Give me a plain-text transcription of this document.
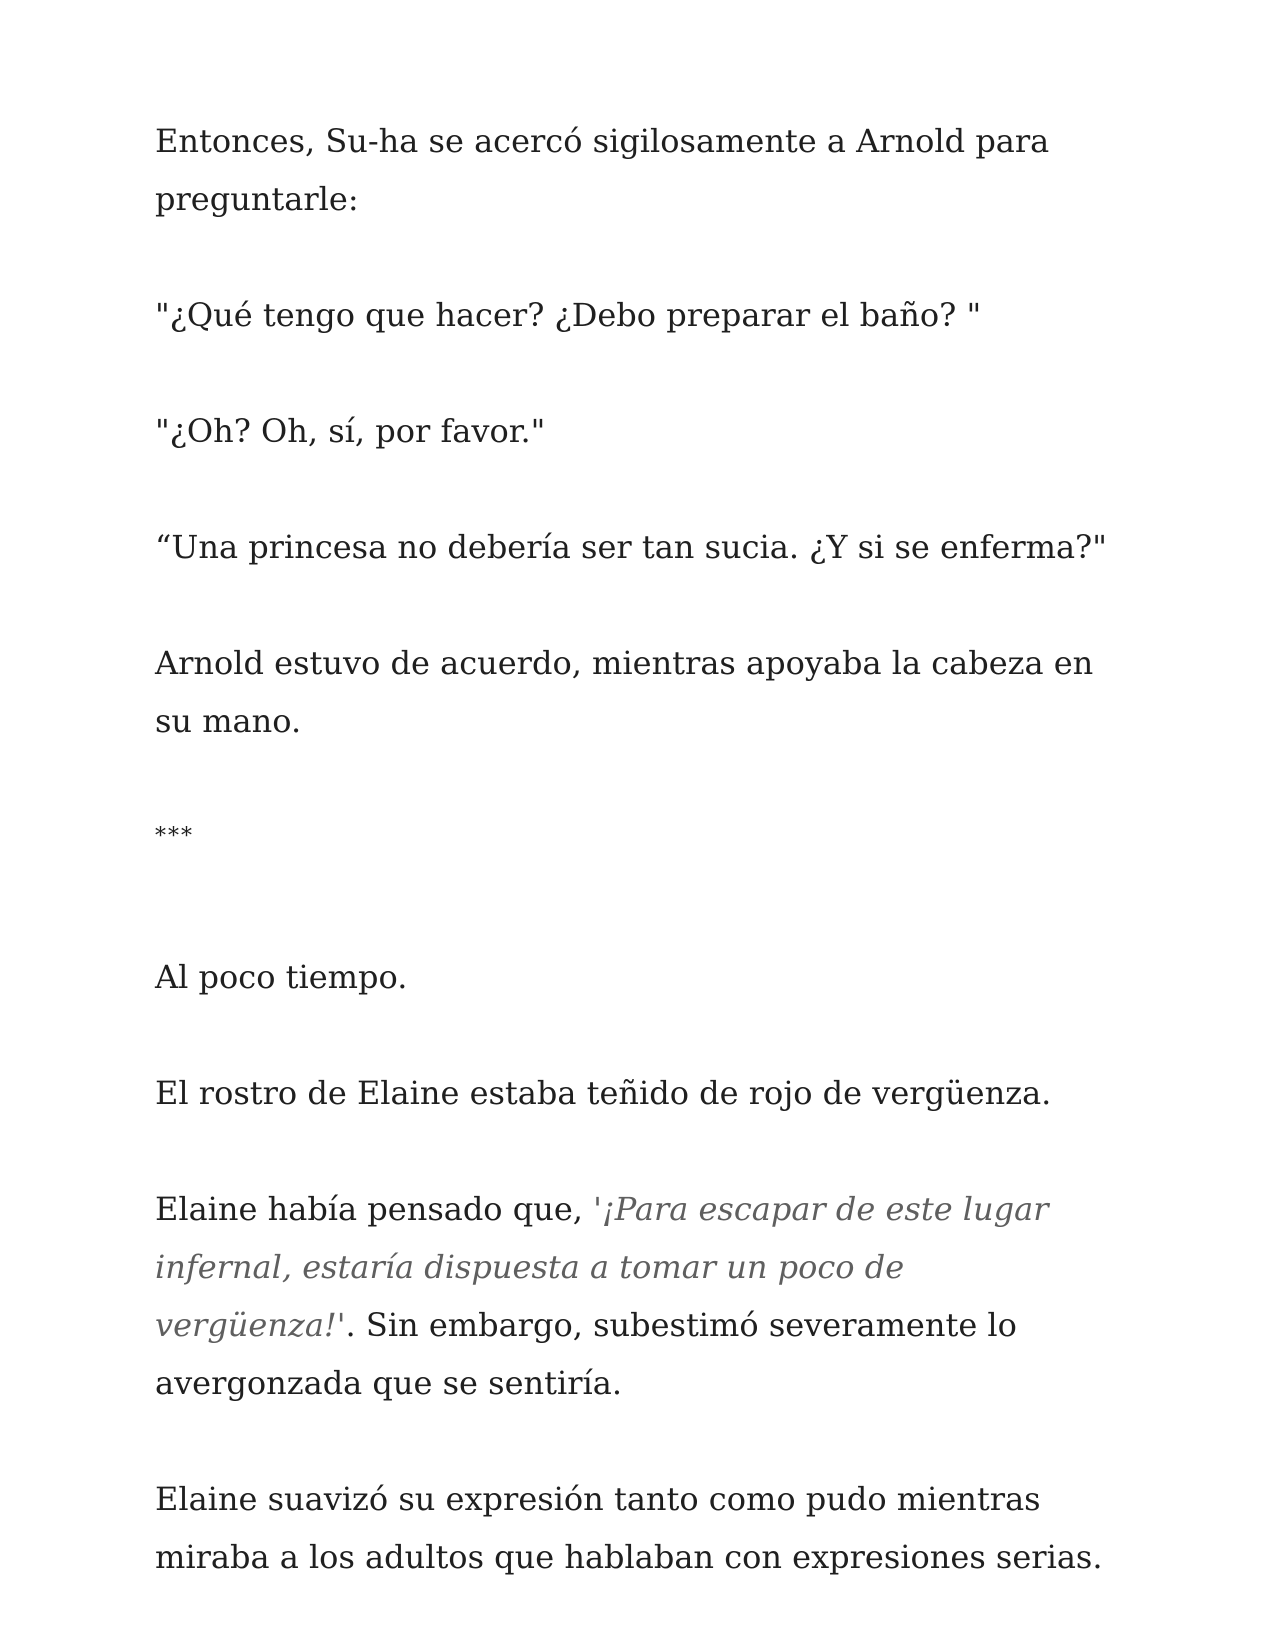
Entonces, Su-ha se acercó sigilosamente a Arnold para preguntarle:

"¿Qué tengo que hacer? ¿Debo preparar el baño? "

"¿Oh? Oh, sí, por favor."

“Una princesa no debería ser tan sucia. ¿Y si se enferma?"

Arnold estuvo de acuerdo, mientras apoyaba la cabeza en su mano.

***

Al poco tiempo.

El rostro de Elaine estaba teñido de rojo de vergüenza.

Elaine había pensado que, '¡Para escapar de este lugar infernal, estaría dispuesta a tomar un poco de vergüenza!'. Sin embargo, subestimó severamente lo avergonzada que se sentiría.

Elaine suavizó su expresión tanto como pudo mientras miraba a los adultos que hablaban con expresiones serias.
